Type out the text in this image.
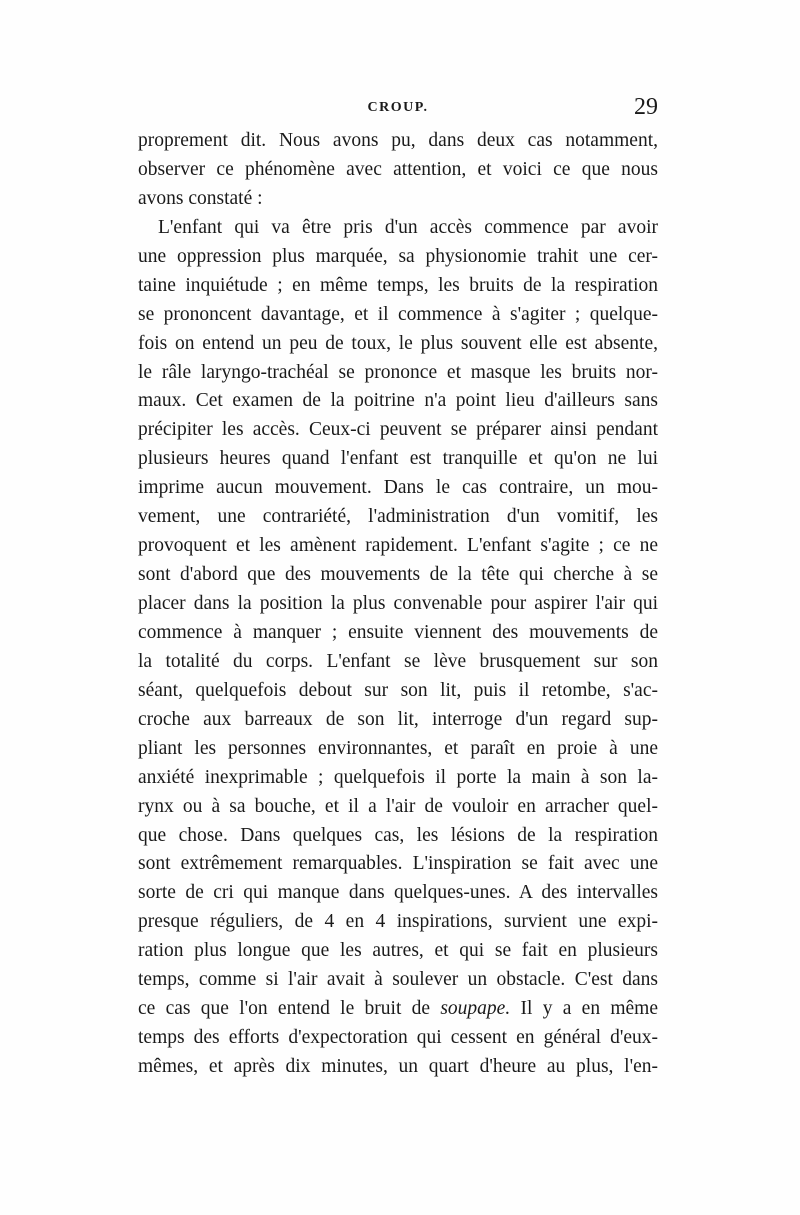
CROUP.	29
proprement dit. Nous avons pu, dans deux cas notamment,
observer ce phénomène avec attention, et voici ce que nous
avons constaté :
L'enfant qui va être pris d'un accès commence par avoir
une oppression plus marquée, sa physionomie trahit une cer-
taine inquiétude ; en même temps, les bruits de la respiration
se prononcent davantage, et il commence à s'agiter ; quelque-
fois on entend un peu de toux, le plus souvent elle est absente,
le râle laryngo-trachéal se prononce et masque les bruits nor-
maux. Cet examen de la poitrine n'a point lieu d'ailleurs sans
précipiter les accès. Ceux-ci peuvent se préparer ainsi pendant
plusieurs heures quand l'enfant est tranquille et qu'on ne lui
imprime aucun mouvement. Dans le cas contraire, un mou-
vement, une contrariété, l'administration d'un vomitif, les
provoquent et les amènent rapidement. L'enfant s'agite ; ce ne
sont d'abord que des mouvements de la tête qui cherche à se
placer dans la position la plus convenable pour aspirer l'air qui
commence à manquer ; ensuite viennent des mouvements de
la totalité du corps. L'enfant se lève brusquement sur son
séant, quelquefois debout sur son lit, puis il retombe, s'ac-
croche aux barreaux de son lit, interroge d'un regard sup-
pliant les personnes environnantes, et paraît en proie à une
anxiété inexprimable ; quelquefois il porte la main à son la-
rynx ou à sa bouche, et il a l'air de vouloir en arracher quel-
que chose. Dans quelques cas, les lésions de la respiration
sont extrêmement remarquables. L'inspiration se fait avec une
sorte de cri qui manque dans quelques-unes. A des intervalles
presque réguliers, de 4 en 4 inspirations, survient une expi-
ration plus longue que les autres, et qui se fait en plusieurs
temps, comme si l'air avait à soulever un obstacle. C'est dans
ce cas que l'on entend le bruit de soupape. Il y a en même
temps des efforts d'expectoration qui cessent en général d'eux-
mêmes, et après dix minutes, un quart d'heure au plus, l'en-
